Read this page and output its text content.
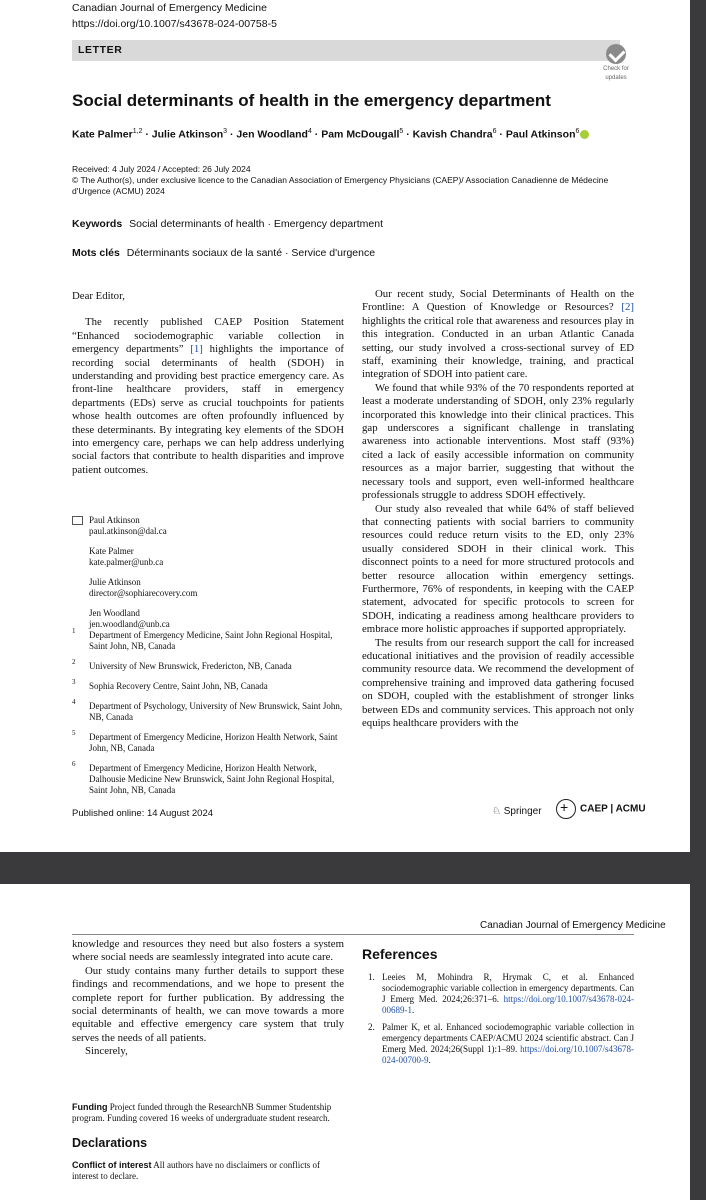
Canadian Journal of Emergency Medicine
https://doi.org/10.1007/s43678-024-00758-5
LETTER
Check for
updates
Social determinants of health in the emergency department
Kate Palmer$^{1,2}$ · Julie Atkinson$^3$ · Jen Woodland$^4$ · Pam McDougall$^5$ · Kavish Chandra$^6$ · Paul Atkinson$^6$
Received: 4 July 2024 / Accepted: 26 July 2024
© The Author(s), under exclusive licence to the Canadian Association of Emergency Physicians (CAEP)/ Association Canadienne de Médecine d'Urgence (ACMU) 2024
Keywords Social determinants of health · Emergency department
Mots clés Déterminants sociaux de la santé · Service d'urgence

Dear Editor,

The recently published CAEP Position Statement “Enhanced sociodemographic variable collection in emergency departments” [1] highlights the importance of recording social determinants of health (SDOH) in understanding and providing best practice emergency care. As front-line healthcare providers, staff in emergency departments (EDs) serve as crucial touchpoints for patients whose health outcomes are often profoundly influenced by these determinants. By integrating key elements of the SDOH into emergency care, perhaps we can help address underlying social factors that contribute to health disparities and improve patient outcomes.

Our recent study, Social Determinants of Health on the Frontline: A Question of Knowledge or Resources? [2] highlights the critical role that awareness and resources play in this integration. Conducted in an urban Atlantic Canada setting, our study involved a cross-sectional survey of ED staff, examining their knowledge, training, and practical integration of SDOH into patient care.

We found that while 93% of the 70 respondents reported at least a moderate understanding of SDOH, only 23% regularly incorporated this knowledge into their clinical practices. This gap underscores a significant challenge in translating awareness into actionable interventions. Most staff (93%) cited a lack of easily accessible information on community resources as a major barrier, suggesting that without the necessary tools and support, even well-informed healthcare professionals struggle to address SDOH effectively.

Our study also revealed that while 64% of staff believed that connecting patients with social barriers to community resources could reduce return visits to the ED, only 23% usually considered SDOH in their clinical work. This disconnect points to a need for more structured protocols and better resource allocation within emergency settings. Furthermore, 76% of respondents, in keeping with the CAEP statement, advocated for specific protocols to screen for SDOH, indicating a readiness among healthcare providers to embrace more holistic approaches if supported appropriately.

The results from our research support the call for increased educational initiatives and the provision of readily accessible community resource data. We recommend the development of comprehensive training and improved data gathering focused on SDOH, coupled with the establishment of stronger links between EDs and community services. This approach not only equips healthcare providers with the

Paul Atkinson
paul.atkinson@dal.ca
Kate Palmer
kate.palmer@unb.ca
Julie Atkinson
director@sophiarecovery.com
Jen Woodland
jen.woodland@unb.ca
1 Department of Emergency Medicine, Saint John Regional Hospital, Saint John, NB, Canada
2 University of New Brunswick, Fredericton, NB, Canada
3 Sophia Recovery Centre, Saint John, NB, Canada
4 Department of Psychology, University of New Brunswick, Saint John, NB, Canada
5 Department of Emergency Medicine, Horizon Health Network, Saint John, NB, Canada
6 Department of Emergency Medicine, Horizon Health Network, Dalhousie Medicine New Brunswick, Saint John Regional Hospital, Saint John, NB, Canada
Published online: 14 August 2024	♘ Springer
+	CAEP | ACMU
Canadian Journal of Emergency Medicine

knowledge and resources they need but also fosters a system where social needs are seamlessly integrated into acute care.

Our study contains many further details to support these findings and recommendations, and we hope to present the complete report for further publication. By addressing the social determinants of health, we can move towards a more equitable and effective emergency care system that truly serves the needs of all patients.

Sincerely,

Funding Project funded through the ResearchNB Summer Studentship program. Funding covered 16 weeks of undergraduate student research.
Declarations
Conflict of interest All authors have no disclaimers or conflicts of interest to declare.
References
1. Leeies M, Mohindra R, Hrymak C, et al. Enhanced sociodemographic variable collection in emergency departments. Can J Emerg Med. 2024;26:371–6. https://doi.org/10.1007/s43678-024-00689-1.
2. Palmer K, et al. Enhanced sociodemographic variable collection in emergency departments CAEP/ACMU 2024 scientific abstract. Can J Emerg Med. 2024;26(Suppl 1):1–89. https://doi.org/10.1007/s43678-024-00700-9.
